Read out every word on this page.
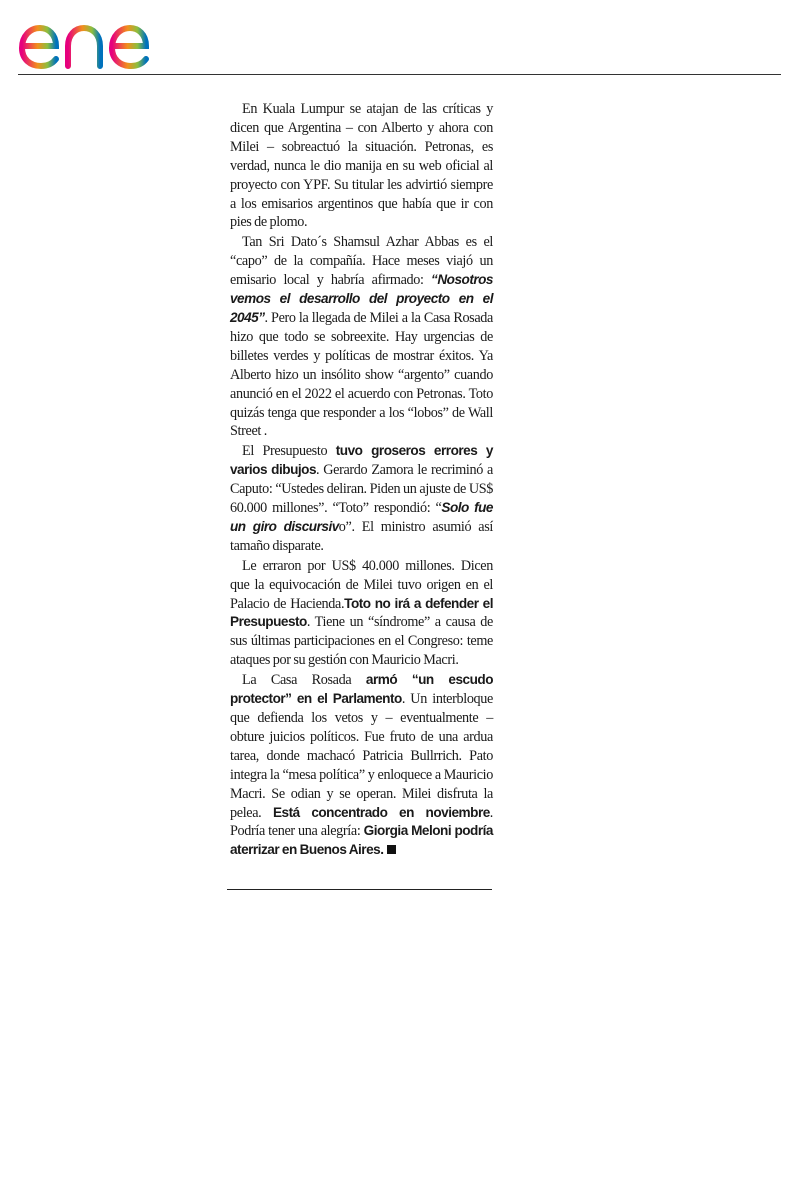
En Kuala Lumpur se atajan de las críticas y dicen que Argentina – con Alberto y ahora con Milei – sobreactuó la situación. Petronas, es verdad, nunca le dio manija en su web oficial al proyecto con YPF. Su titular les advirtió siempre a los emisarios argentinos que había que ir con pies de plomo.

Tan Sri Dato´s Shamsul Azhar Abbas es el “capo” de la compañía. Hace meses viajó un emisario local y habría afirmado: “Nosotros vemos el desarrollo del proyecto en el 2045”. Pero la llegada de Milei a la Casa Rosada hizo que todo se sobreexite. Hay urgencias de billetes verdes y políticas de mostrar éxitos. Ya Alberto hizo un insólito show “argento” cuando anunció en el 2022 el acuerdo con Petronas. Toto quizás tenga que responder a los “lobos” de Wall Street .

El Presupuesto tuvo groseros errores y varios dibujos. Gerardo Zamora le recriminó a Caputo: “Ustedes deliran. Piden un ajuste de US$ 60.000 millones”. “Toto” respondió: “Solo fue un giro discursivo”. El ministro asumió así tamaño disparate.

Le erraron por US$ 40.000 millones. Dicen que la equivocación de Milei tuvo origen en el Palacio de Hacienda.Toto no irá a defender el Presupuesto. Tiene un “síndrome” a causa de sus últimas participaciones en el Congreso: teme ataques por su gestión con Mauricio Macri.

La Casa Rosada armó “un escudo protector” en el Parlamento. Un interbloque que defienda los vetos y – eventualmente – obture juicios políticos. Fue fruto de una ardua tarea, donde machacó Patricia Bullrrich. Pato integra la “mesa política” y enloquece a Mauricio Macri. Se odian y se operan. Milei disfruta la pelea. Está concentrado en noviembre. Podría tener una alegría: Giorgia Meloni podría aterrizar en Buenos Aires.
